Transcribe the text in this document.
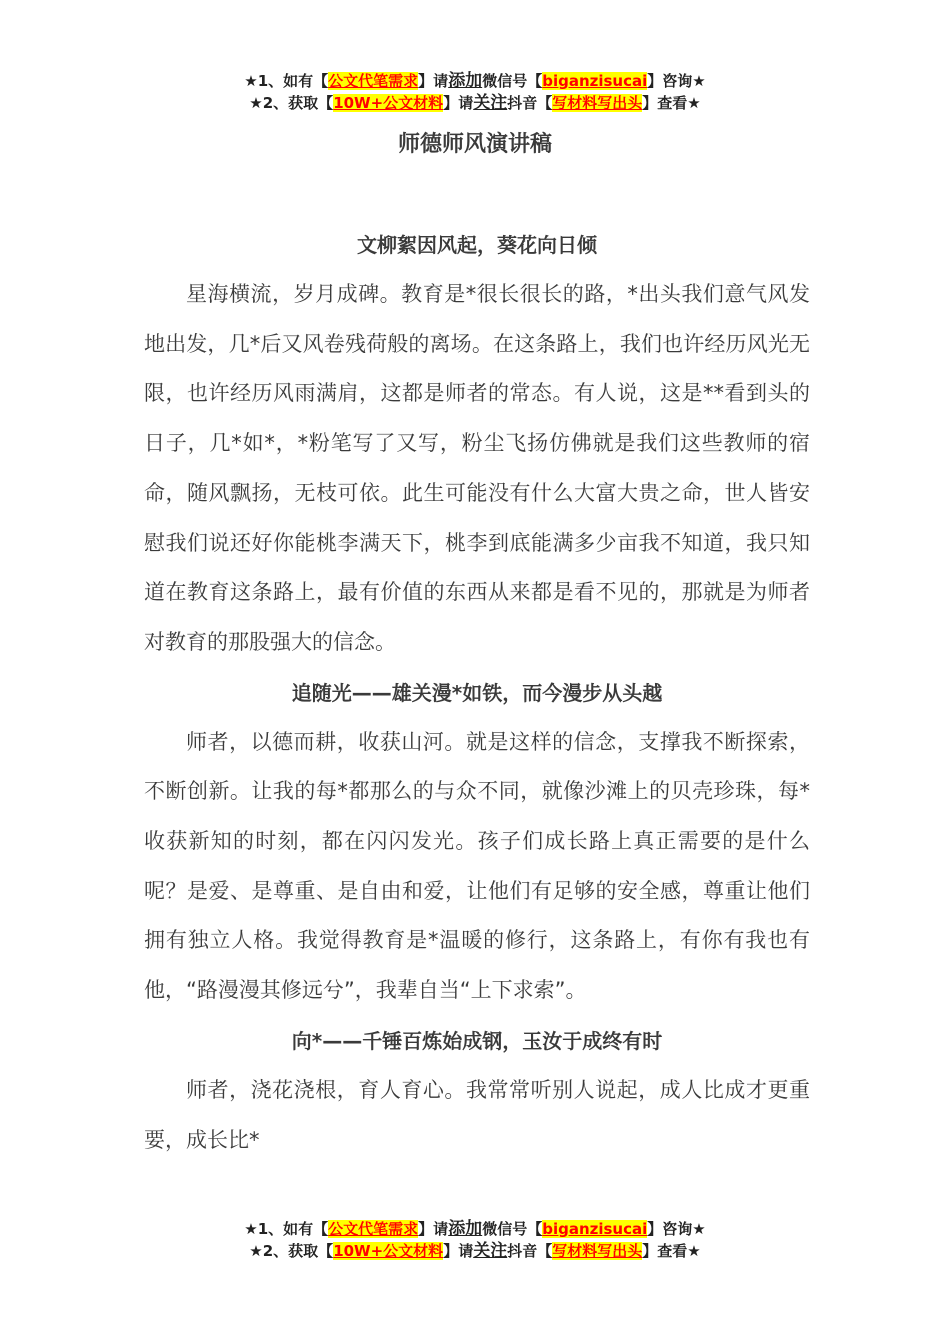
★1、如有【公文代笔需求】请添加微信号【biganzisucai】咨询★
★2、获取【10W+公文材料】请关注抖音【写材料写出头】查看★
师德师风演讲稿
文柳絮因风起，葵花向日倾

星海横流，岁月成碑。教育是*很长很长的路，*出头我们意气风发地出发，几*后又风卷残荷般的离场。在这条路上，我们也许经历风光无限，也许经历风雨满肩，这都是师者的常态。有人说，这是**看到头的日子，几*如*，*粉笔写了又写，粉尘飞扬仿佛就是我们这些教师的宿命，随风飘扬，无枝可依。此生可能没有什么大富大贵之命，世人皆安慰我们说还好你能桃李满天下，桃李到底能满多少亩我不知道，我只知道在教育这条路上，最有价值的东西从来都是看不见的，那就是为师者对教育的那股强大的信念。

追随光——雄关漫*如铁，而今漫步从头越

师者，以德而耕，收获山河。就是这样的信念，支撑我不断探索，不断创新。让我的每*都那么的与众不同，就像沙滩上的贝壳珍珠，每*收获新知的时刻，都在闪闪发光。孩子们成长路上真正需要的是什么呢？是爱、是尊重、是自由和爱，让他们有足够的安全感，尊重让他们拥有独立人格。我觉得教育是*温暖的修行，这条路上，有你有我也有他，“路漫漫其修远兮”，我辈自当“上下求索”。

向*——千锤百炼始成钢，玉汝于成终有时

师者，浇花浇根，育人育心。我常常听别人说起，成人比成才更重要，成长比*

★1、如有【公文代笔需求】请添加微信号【biganzisucai】咨询★
★2、获取【10W+公文材料】请关注抖音【写材料写出头】查看★
